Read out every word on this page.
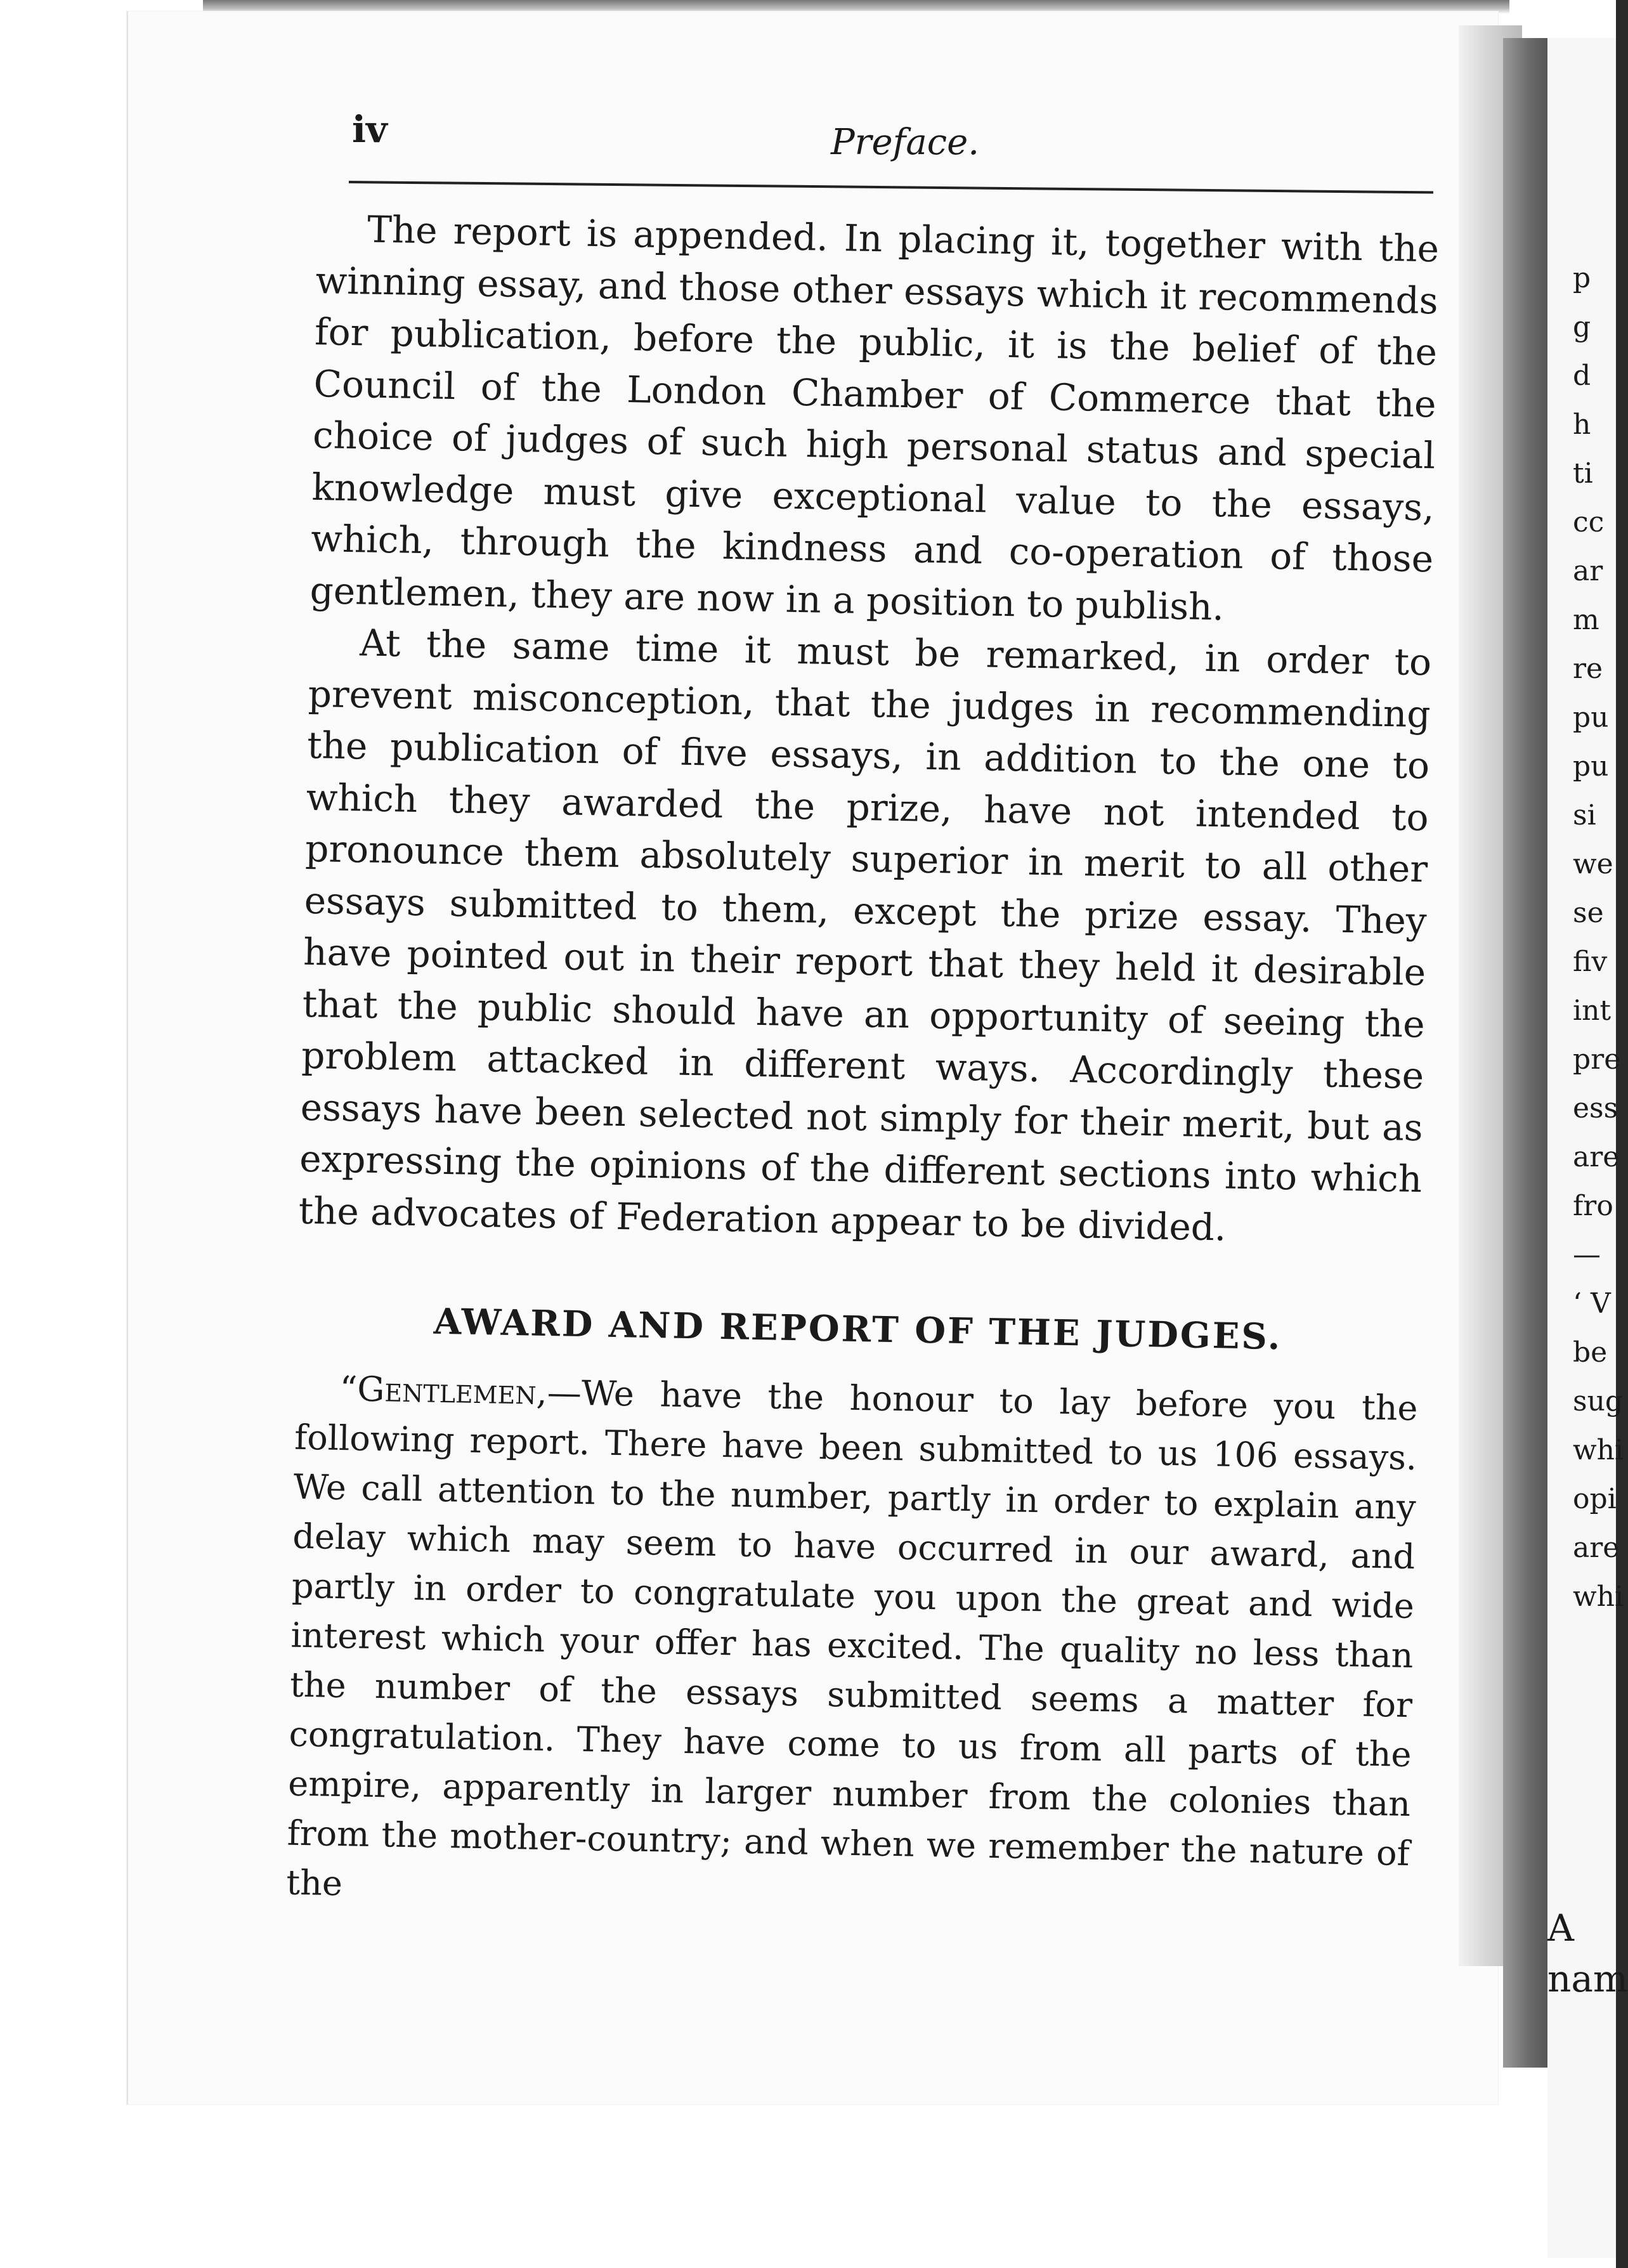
iv	Preface.

The report is appended. In placing it, together with the winning essay, and those other essays which it recommends for publication, before the public, it is the belief of the Council of the London Chamber of Commerce that the choice of judges of such high personal status and special knowledge must give exceptional value to the essays, which, through the kindness and co-operation of those gentlemen, they are now in a position to publish.

At the same time it must be remarked, in order to prevent misconception, that the judges in recommending the publication of five essays, in addition to the one to which they awarded the prize, have not intended to pronounce them absolutely superior in merit to all other essays submitted to them, except the prize essay. They have pointed out in their report that they held it desirable that the public should have an opportunity of seeing the problem attacked in different ways. Accordingly these essays have been selected not simply for their merit, but as expressing the opinions of the different sections into which the advocates of Federation appear to be divided.

AWARD AND REPORT OF THE JUDGES.

“Gentlemen,—We have the honour to lay before you the following report. There have been submitted to us 106 essays. We call attention to the number, partly in order to explain any delay which may seem to have occurred in our award, and partly in order to congratulate you upon the great and wide interest which your offer has excited. The quality no less than the number of the essays submitted seems a matter for congratulation. They have come to us from all parts of the empire, apparently in larger number from the colonies than from the mother-country; and when we remember the nature of the

p
g
d
h
ti
cc
ar
m
re
pu
pu
si
we
se
fiv
int
pre
ess
are
fro
—
‘ V
be
sug
whi
opi
are
whi
A
nam
